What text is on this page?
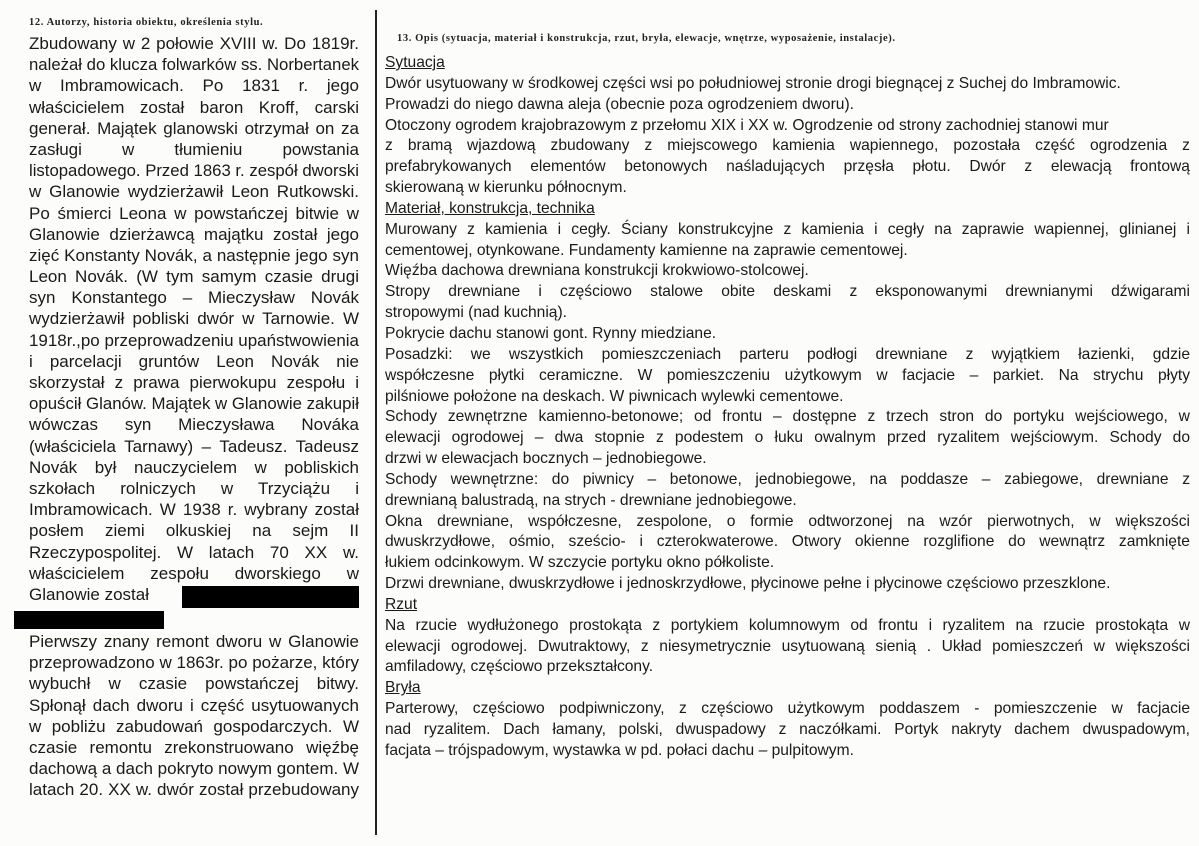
12. Autorzy, historia obiektu, określenia stylu.
Zbudowany w 2 połowie XVIII w. Do 1819r.
należał do klucza folwarków ss. Norbertanek
w Imbramowicach. Po 1831 r. jego
właścicielem został baron Kroff, carski
generał. Majątek glanowski otrzymał on za
zasługi w tłumieniu powstania
listopadowego. Przed 1863 r. zespół dworski
w Glanowie wydzierżawił Leon Rutkowski.
Po śmierci Leona w powstańczej bitwie w
Glanowie dzierżawcą majątku został jego
zięć Konstanty Novák, a następnie jego syn
Leon Novák. (W tym samym czasie drugi
syn Konstantego – Mieczysław Novák
wydzierżawił pobliski dwór w Tarnowie. W
1918r.,po przeprowadzeniu upaństwowienia
i parcelacji gruntów Leon Novák nie
skorzystał z prawa pierwokupu zespołu i
opuścił Glanów. Majątek w Glanowie zakupił
wówczas syn Mieczysława Nováka
(właściciela Tarnawy) – Tadeusz. Tadeusz
Novák był nauczycielem w pobliskich
szkołach rolniczych w Trzyciążu i
Imbramowicach. W 1938 r. wybrany został
posłem ziemi olkuskiej na sejm II
Rzeczypospolitej. W latach 70 XX w.
właścicielem zespołu dworskiego w
Glanowie został
Pierwszy znany remont dworu w Glanowie
przeprowadzono w 1863r. po pożarze, który
wybuchł w czasie powstańczej bitwy.
Spłonął dach dworu i część usytuowanych
w pobliżu zabudowań gospodarczych. W
czasie remontu zrekonstruowano więźbę
dachową a dach pokryto nowym gontem. W
latach 20. XX w. dwór został przebudowany
13. Opis (sytuacja, materiał i konstrukcja, rzut, bryła, elewacje, wnętrze, wyposażenie, instalacje).
Sytuacja
Dwór usytuowany w środkowej części wsi po południowej stronie drogi biegnącej z Suchej do Imbramowic.
Prowadzi do niego dawna aleja (obecnie poza ogrodzeniem dworu).
Otoczony ogrodem krajobrazowym z przełomu XIX i XX w. Ogrodzenie od strony zachodniej stanowi mur
z bramą wjazdową zbudowany z miejscowego kamienia wapiennego, pozostała część ogrodzenia z
prefabrykowanych elementów betonowych naśladujących przęsła płotu. Dwór z elewacją frontową
skierowaną w kierunku północnym.
Materiał, konstrukcja, technika
Murowany z kamienia i cegły. Ściany konstrukcyjne z kamienia i cegły na zaprawie wapiennej, glinianej i
cementowej, otynkowane. Fundamenty kamienne na zaprawie cementowej.
Więźba dachowa drewniana konstrukcji krokwiowo-stolcowej.
Stropy drewniane i częściowo stalowe obite deskami z eksponowanymi drewnianymi dźwigarami
stropowymi (nad kuchnią).
Pokrycie dachu stanowi gont. Rynny miedziane.
Posadzki: we wszystkich pomieszczeniach parteru podłogi drewniane z wyjątkiem łazienki, gdzie
współczesne płytki ceramiczne. W pomieszczeniu użytkowym w facjacie – parkiet. Na strychu płyty
pilśniowe położone na deskach. W piwnicach wylewki cementowe.
Schody zewnętrzne kamienno-betonowe; od frontu – dostępne z trzech stron do portyku wejściowego, w
elewacji ogrodowej – dwa stopnie z podestem o łuku owalnym przed ryzalitem wejściowym. Schody do
drzwi w elewacjach bocznych – jednobiegowe.
Schody wewnętrzne: do piwnicy – betonowe, jednobiegowe, na poddasze – zabiegowe, drewniane z
drewnianą balustradą, na strych - drewniane jednobiegowe.
Okna drewniane, współczesne, zespolone, o formie odtworzonej na wzór pierwotnych, w większości
dwuskrzydłowe, ośmio, sześcio- i czterokwaterowe. Otwory okienne rozglifione do wewnątrz zamknięte
łukiem odcinkowym. W szczycie portyku okno półkoliste.
Drzwi drewniane, dwuskrzydłowe i jednoskrzydłowe, płycinowe pełne i płycinowe częściowo przeszklone.
Rzut
Na rzucie wydłużonego prostokąta z portykiem kolumnowym od frontu i ryzalitem na rzucie prostokąta w
elewacji ogrodowej. Dwutraktowy, z niesymetrycznie usytuowaną sienią . Układ pomieszczeń w większości
amfiladowy, częściowo przekształcony.
Bryła
Parterowy, częściowo podpiwniczony, z częściowo użytkowym poddaszem - pomieszczenie w facjacie
nad ryzalitem. Dach łamany, polski, dwuspadowy z naczółkami. Portyk nakryty dachem dwuspadowym,
facjata – trójspadowym, wystawka w pd. połaci dachu – pulpitowym.
